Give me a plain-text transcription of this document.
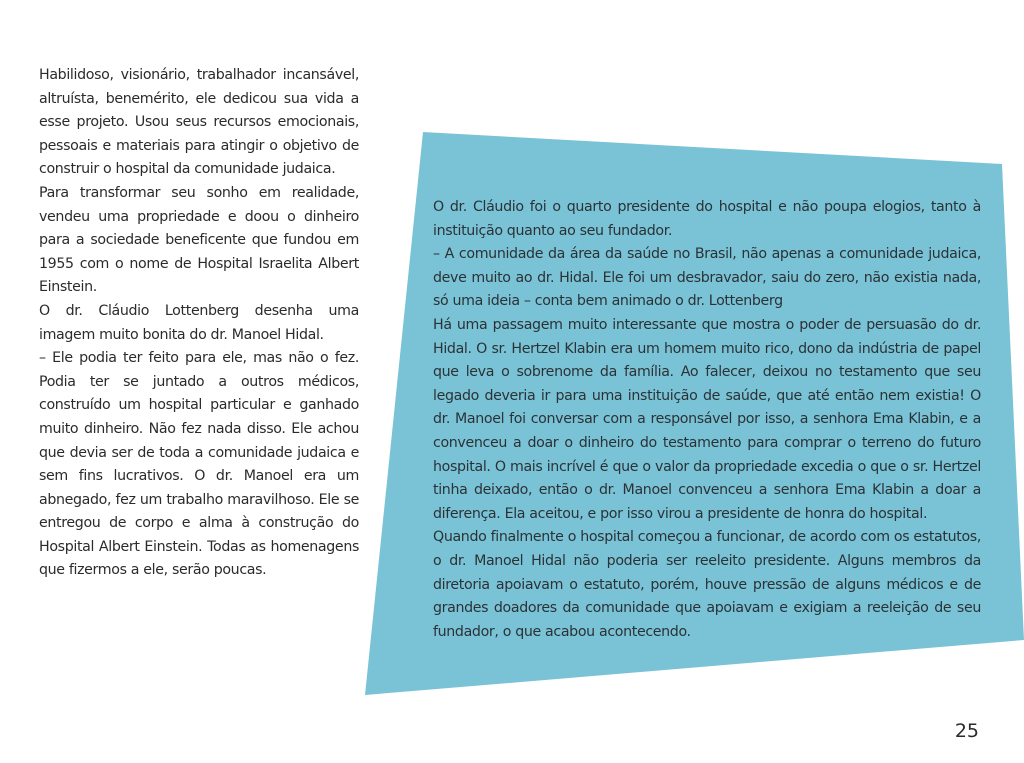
Habilidoso, visionário, trabalhador incansável, altruísta, benemérito, ele dedicou sua vida a esse projeto. Usou seus recursos emocionais, pessoais e materiais para atingir o objetivo de construir o hospital da comunidade judaica.

Para transformar seu sonho em realidade, vendeu uma propriedade e doou o dinheiro para a sociedade beneficente que fundou em 1955 com o nome de Hospital Israelita Albert Einstein.

O dr. Cláudio Lottenberg desenha uma imagem muito bonita do dr. Manoel Hidal.

– Ele podia ter feito para ele, mas não o fez. Podia ter se juntado a outros médicos, construído um hospital particular e ganhado muito dinheiro. Não fez nada disso. Ele achou que devia ser de toda a comunidade judaica e sem fins lucrativos. O dr. Manoel era um abnegado, fez um trabalho maravilhoso. Ele se entregou de corpo e alma à construção do Hospital Albert Einstein. Todas as homenagens que fizermos a ele, serão poucas.

O dr. Cláudio foi o quarto presidente do hospital e não poupa elogios, tanto à instituição quanto ao seu fundador.

– A comunidade da área da saúde no Brasil, não apenas a comunidade judaica, deve muito ao dr. Hidal. Ele foi um desbravador, saiu do zero, não existia nada, só uma ideia – conta bem animado o dr. Lottenberg

Há uma passagem muito interessante que mostra o poder de persuasão do dr. Hidal. O sr. Hertzel Klabin era um homem muito rico, dono da indústria de papel que leva o sobrenome da família. Ao falecer, deixou no testamento que seu legado deveria ir para uma instituição de saúde, que até então nem existia! O dr. Manoel foi conversar com a responsável por isso, a senhora Ema Klabin, e a convenceu a doar o dinheiro do testamento para comprar o terreno do futuro hospital. O mais incrível é que o valor da propriedade excedia o que o sr. Hertzel tinha deixado, então o dr. Manoel convenceu a senhora Ema Klabin a doar a diferença. Ela aceitou, e por isso virou a presidente de honra do hospital.

Quando finalmente o hospital começou a funcionar, de acordo com os estatutos, o dr. Manoel Hidal não poderia ser reeleito presidente. Alguns membros da diretoria apoiavam o estatuto, porém, houve pressão de alguns médicos e de grandes doadores da comunidade que apoiavam e exigiam a reeleição de seu fundador, o que acabou acontecendo.

25
